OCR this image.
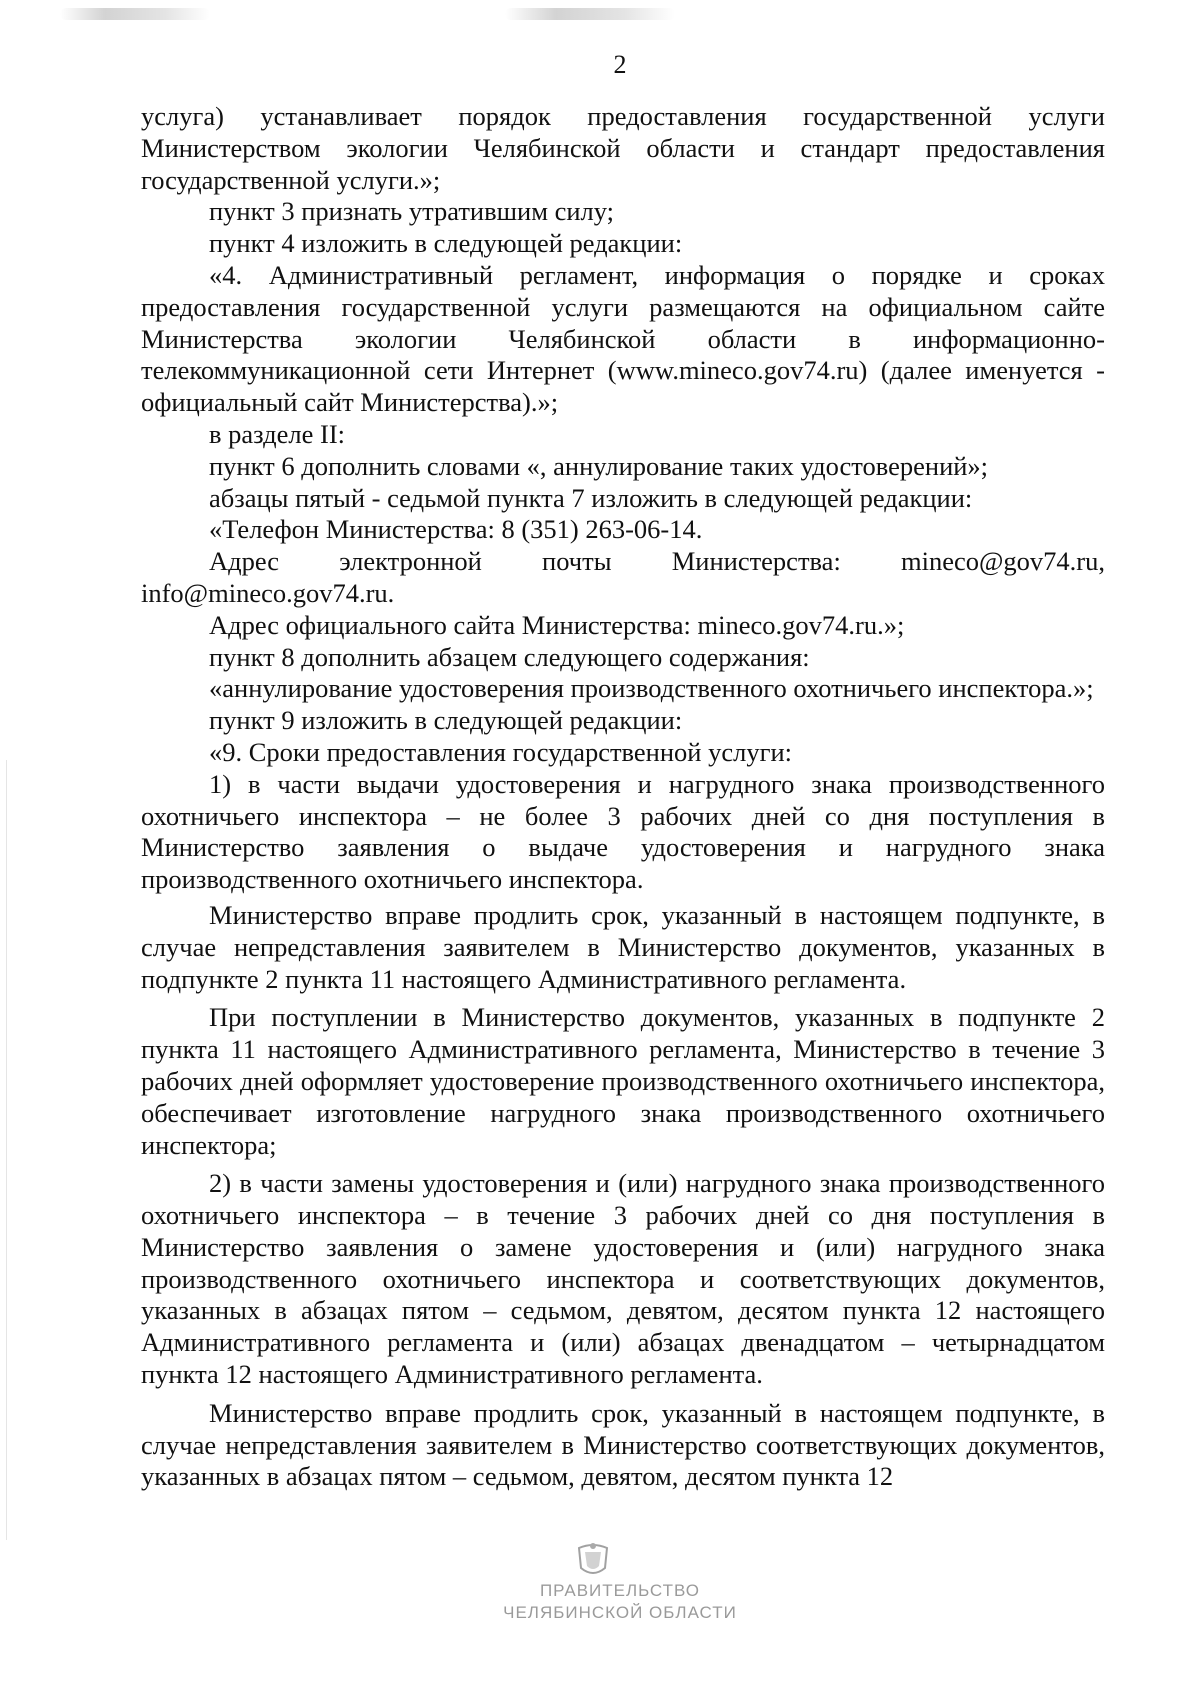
2

услуга) устанавливает порядок предоставления государственной услуги Министерством экологии Челябинской области и стандарт предоставления государственной услуги.»;

пункт 3 признать утратившим силу;

пункт 4 изложить в следующей редакции:

«4. Административный регламент, информация о порядке и сроках предоставления государственной услуги размещаются на официальном сайте Министерства экологии Челябинской области в информационно-телекоммуникационной сети Интернет (www.mineco.gov74.ru) (далее именуется - официальный сайт Министерства).»;

в разделе II:

пункт 6 дополнить словами «, аннулирование таких удостоверений»;

абзацы пятый - седьмой пункта 7 изложить в следующей редакции:

«Телефон Министерства: 8 (351) 263-06-14.

Адрес электронной почты Министерства: mineco@gov74.ru, info@mineco.gov74.ru.

Адрес официального сайта Министерства: mineco.gov74.ru.»;

пункт 8 дополнить абзацем следующего содержания:

«аннулирование удостоверения производственного охотничьего инспектора.»;

пункт 9 изложить в следующей редакции:

«9. Сроки предоставления государственной услуги:

1) в части выдачи удостоверения и нагрудного знака производственного охотничьего инспектора – не более 3 рабочих дней со дня поступления в Министерство заявления о выдаче удостоверения и нагрудного знака производственного охотничьего инспектора.

Министерство вправе продлить срок, указанный в настоящем подпункте, в случае непредставления заявителем в Министерство документов, указанных в подпункте 2 пункта 11 настоящего Административного регламента.

При поступлении в Министерство документов, указанных в подпункте 2 пункта 11 настоящего Административного регламента, Министерство в течение 3 рабочих дней оформляет удостоверение производственного охотничьего инспектора, обеспечивает изготовление нагрудного знака производственного охотничьего инспектора;

2) в части замены удостоверения и (или) нагрудного знака производственного охотничьего инспектора – в течение 3 рабочих дней со дня поступления в Министерство заявления о замене удостоверения и (или) нагрудного знака производственного охотничьего инспектора и соответствующих документов, указанных в абзацах пятом – седьмом, девятом, десятом пункта 12 настоящего Административного регламента и (или) абзацах двенадцатом – четырнадцатом пункта 12 настоящего Административного регламента.

Министерство вправе продлить срок, указанный в настоящем подпункте, в случае непредставления заявителем в Министерство соответствующих документов, указанных в абзацах пятом – седьмом, девятом, десятом пункта 12

ПРАВИТЕЛЬСТВО
ЧЕЛЯБИНСКОЙ ОБЛАСТИ
